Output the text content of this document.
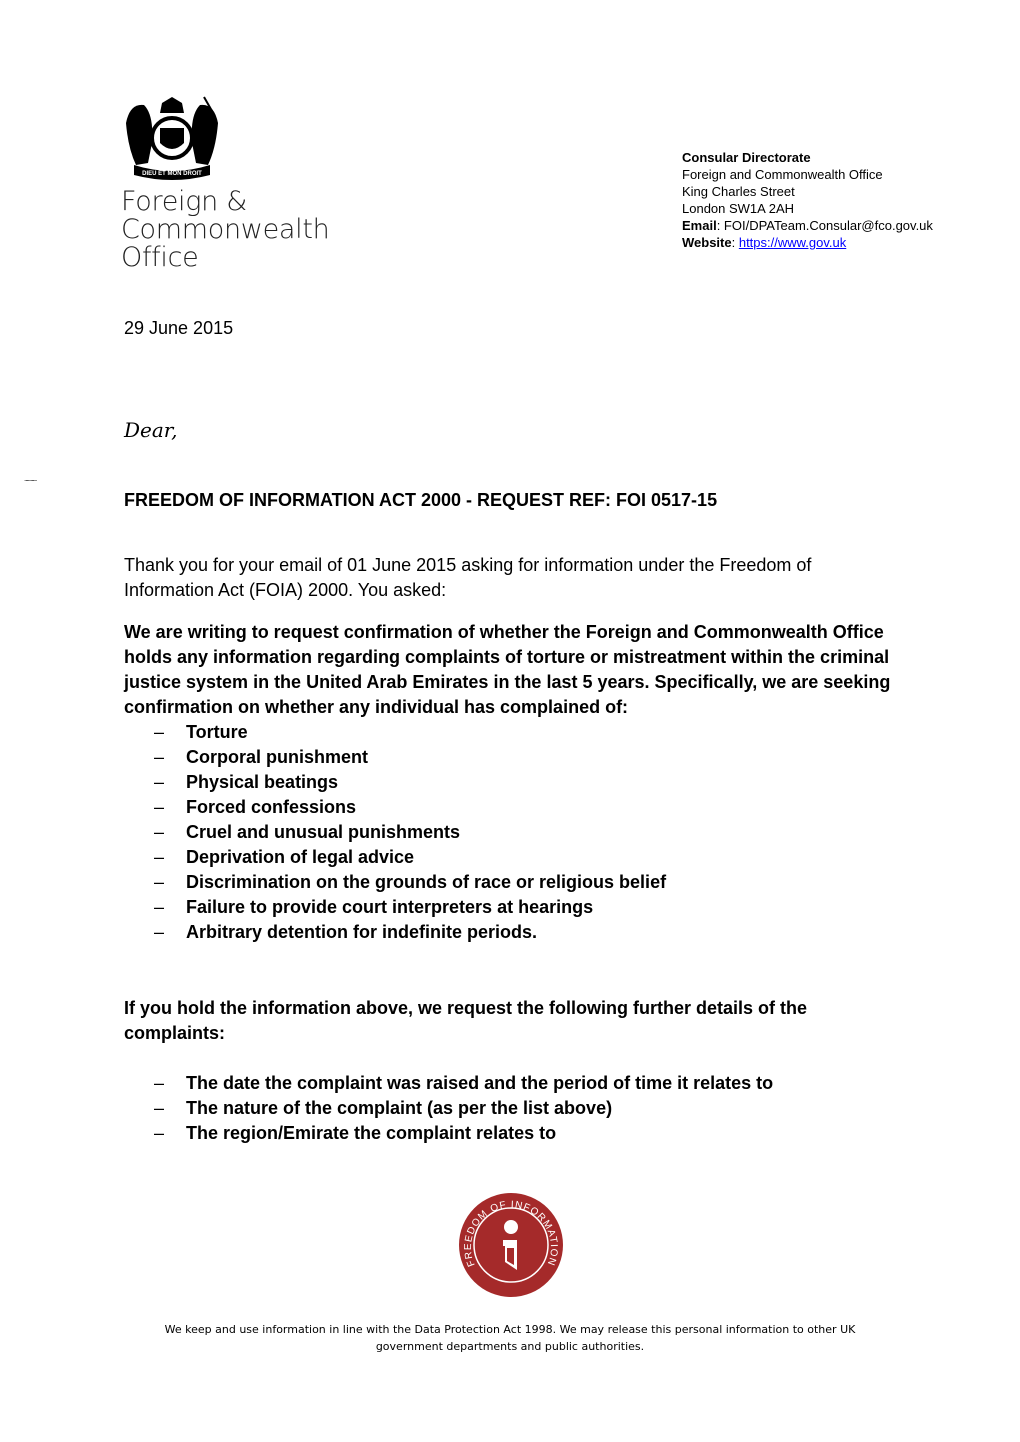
DIEU ET MON DROIT
Foreign &
Commonwealth
Office
Consular Directorate
Foreign and Commonwealth Office
King Charles Street
London SW1A 2AH
Email: FOI/DPATeam.Consular@fco.gov.uk
Website: https://www.gov.uk
29 June 2015
Dear,
..........
FREEDOM OF INFORMATION ACT 2000 - REQUEST REF: FOI 0517-15
Thank you for your email of 01 June 2015 asking for information under the Freedom of Information Act (FOIA) 2000. You asked:
We are writing to request confirmation of whether the Foreign and Commonwealth Office holds any information regarding complaints of torture or mistreatment within the criminal justice system in the United Arab Emirates in the last 5 years. Specifically, we are seeking confirmation on whether any individual has complained of:
– Torture
– Corporal punishment
– Physical beatings
– Forced confessions
– Cruel and unusual punishments
– Deprivation of legal advice
– Discrimination on the grounds of race or religious belief
– Failure to provide court interpreters at hearings
– Arbitrary detention for indefinite periods.
If you hold the information above, we request the following further details of the complaints:
– The date the complaint was raised and the period of time it relates to
– The nature of the complaint (as per the list above)
– The region/Emirate the complaint relates to
FREEDOM OF INFORMATION
We keep and use information in line with the Data Protection Act 1998. We may release this personal information to other UK
government departments and public authorities.
